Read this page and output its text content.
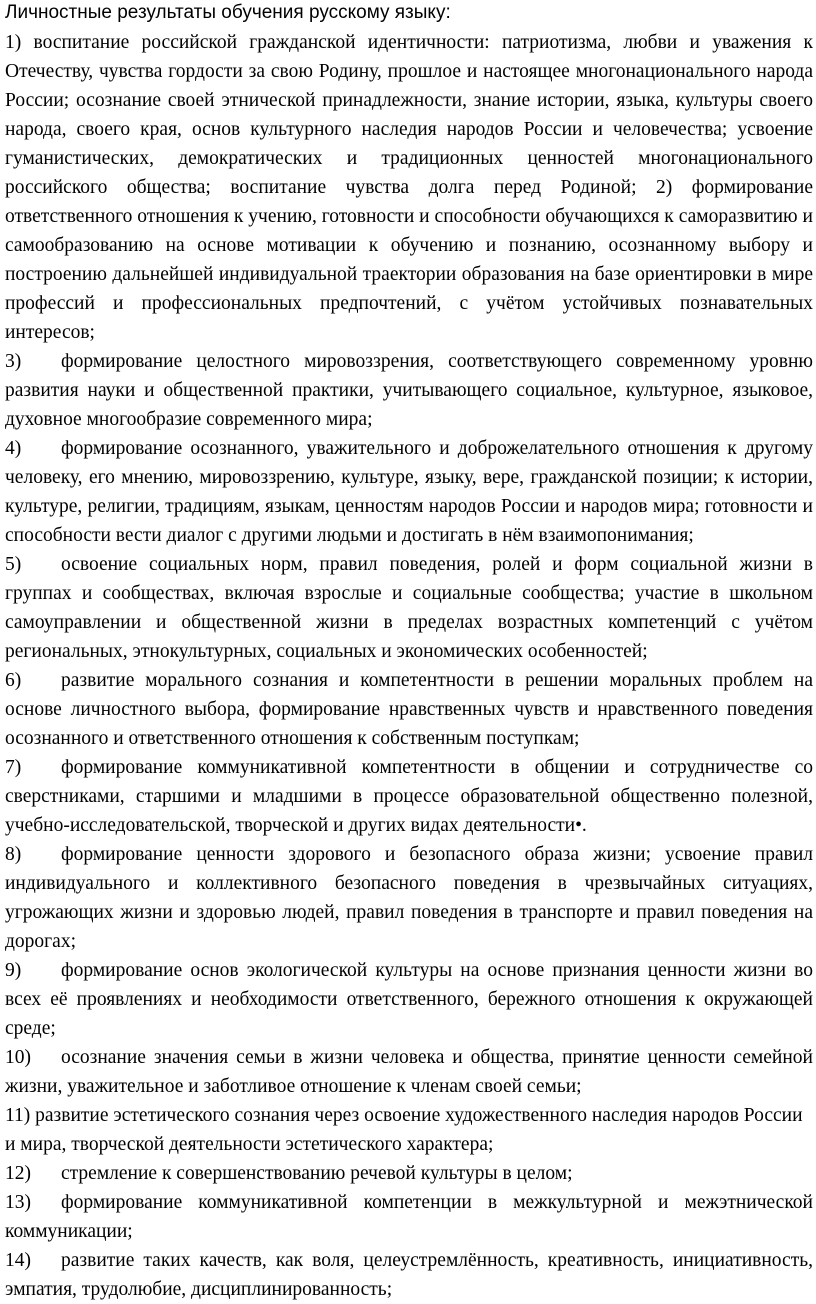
Личностные результаты обучения русскому языку:

1) воспитание российской гражданской идентичности: патриотизма, любви и уважения к Отечеству, чувства гордости за свою Родину, прошлое и настоящее многонационального народа России; осознание своей этнической принадлежности, знание истории, языка, культуры своего народа, своего края, основ культурного наследия народов России и человечества; усвоение гуманистических, демократических и традиционных ценностей многонационального российского общества; воспитание чувства долга перед Родиной; 2) формирование ответственного отношения к учению, готовности и способности обучающихся к саморазвитию и самообразованию на основе мотивации к обучению и познанию, осознанному выбору и построению дальнейшей индивидуальной траектории образования на базе ориентировки в мире профессий и профессиональных предпочтений, с учётом устойчивых познавательных интересов;

3) формирование целостного мировоззрения, соответствующего современному уровню развития науки и общественной практики, учитывающего социальное, культурное, языковое, духовное многообразие современного мира;

4) формирование осознанного, уважительного и доброжелательного отношения к другому человеку, его мнению, мировоззрению, культуре, языку, вере, гражданской позиции; к истории, культуре, религии, традициям, языкам, ценностям народов России и народов мира; готовности и способности вести диалог с другими людьми и достигать в нём взаимопонимания;

5) освоение социальных норм, правил поведения, ролей и форм социальной жизни в группах и сообществах, включая взрослые и социальные сообщества; участие в школьном самоуправлении и общественной жизни в пределах возрастных компетенций с учётом региональных, этнокультурных, социальных и экономических особенностей;

6) развитие морального сознания и компетентности в решении моральных проблем на основе личностного выбора, формирование нравственных чувств и нравственного поведения осознанного и ответственного отношения к собственным поступкам;

7) формирование коммуникативной компетентности в общении и сотрудничестве со сверстниками, старшими и младшими в процессе образовательной общественно полезной, учебно-исследовательской, творческой и других видах деятельности•.

8) формирование ценности здорового и безопасного образа жизни; усвоение правил индивидуального и коллективного безопасного поведения в чрезвычайных ситуациях, угрожающих жизни и здоровью людей, правил поведения в транспорте и правил поведения на дорогах;

9) формирование основ экологической культуры на основе признания ценности жизни во всех её проявлениях и необходимости ответственного, бережного отношения к окружающей среде;

10) осознание значения семьи в жизни человека и общества, принятие ценности семейной жизни, уважительное и заботливое отношение к членам своей семьи;

11) развитие эстетического сознания через освоение художественного наследия народов России и мира, творческой деятельности эстетического характера;

12) стремление к совершенствованию речевой культуры в целом;

13) формирование коммуникативной компетенции в межкультурной и межэтнической коммуникации;

14) развитие таких качеств, как воля, целеустремлённость, креативность, инициативность, эмпатия, трудолюбие, дисциплинированность;
